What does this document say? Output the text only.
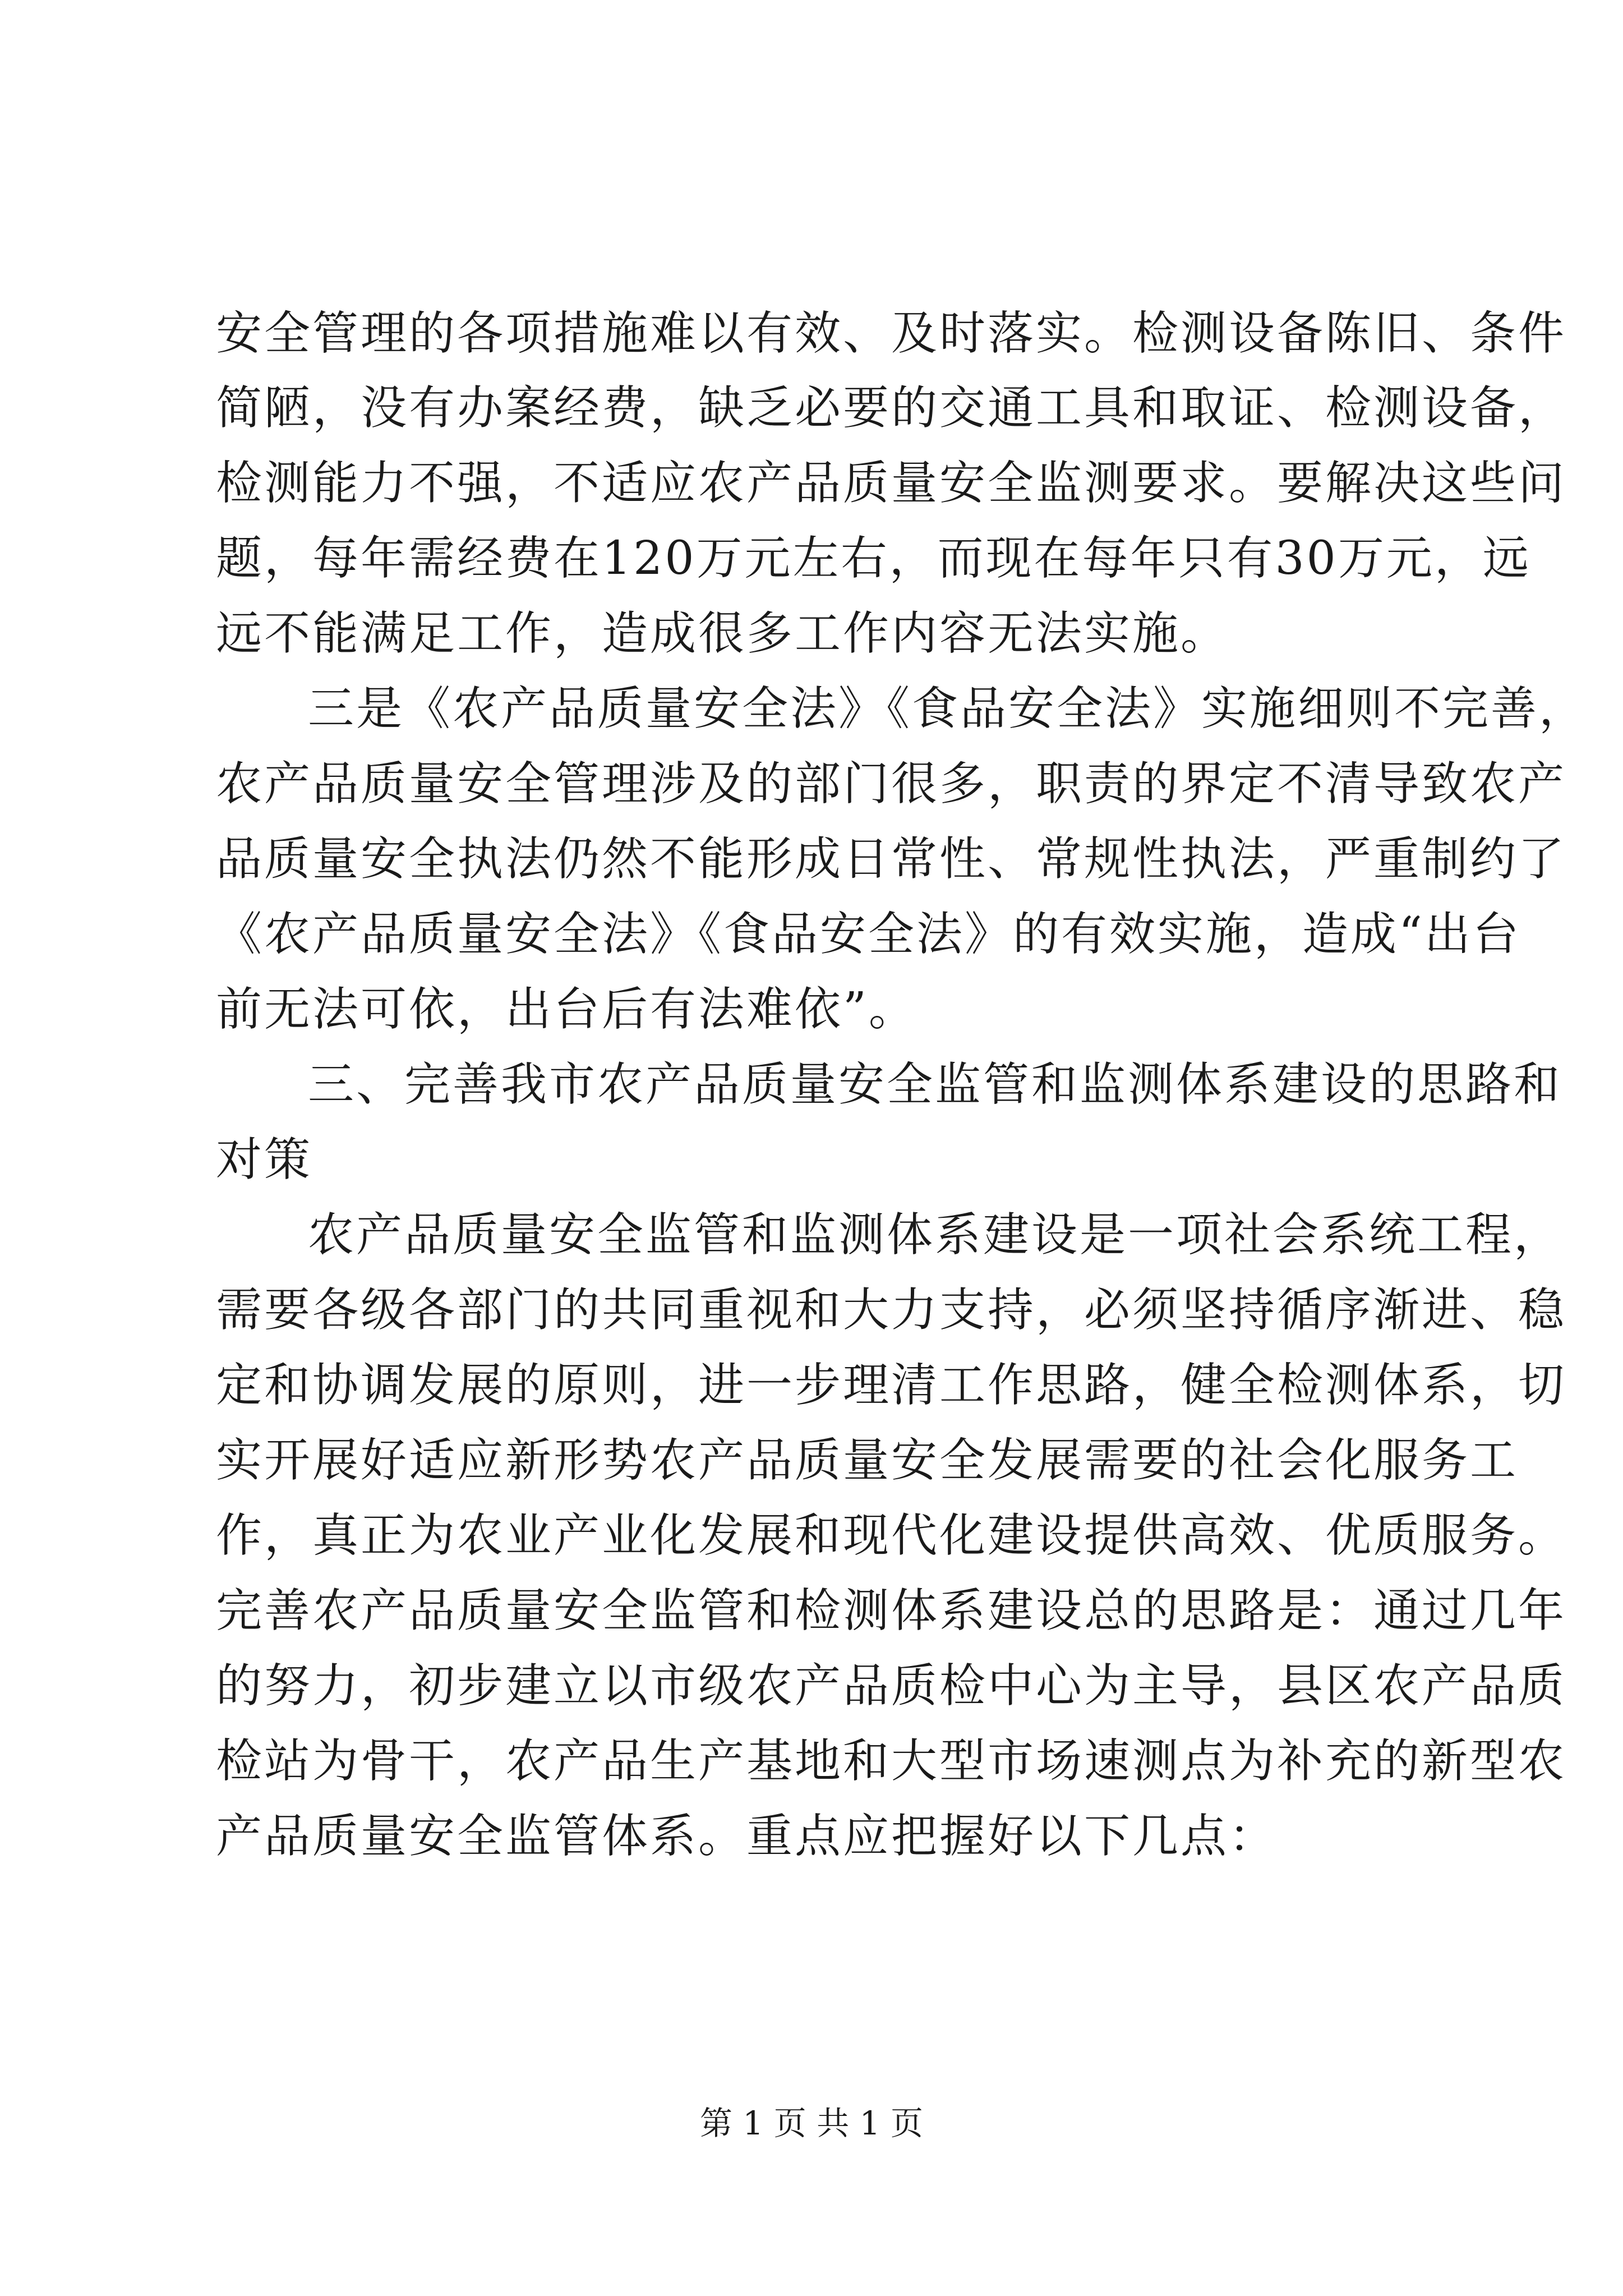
安全管理的各项措施难以有效、及时落实。检测设备陈旧、条件
简陋，没有办案经费，缺乏必要的交通工具和取证、检测设备，
检测能力不强，不适应农产品质量安全监测要求。要解决这些问
题，每年需经费在120万元左右，而现在每年只有30万元，远
远不能满足工作，造成很多工作内容无法实施。
三是《农产品质量安全法》《食品安全法》实施细则不完善，
农产品质量安全管理涉及的部门很多，职责的界定不清导致农产
品质量安全执法仍然不能形成日常性、常规性执法，严重制约了
《农产品质量安全法》《食品安全法》的有效实施，造成“出台
前无法可依，出台后有法难依”。
三、完善我市农产品质量安全监管和监测体系建设的思路和
对策
农产品质量安全监管和监测体系建设是一项社会系统工程，
需要各级各部门的共同重视和大力支持，必须坚持循序渐进、稳
定和协调发展的原则，进一步理清工作思路，健全检测体系，切
实开展好适应新形势农产品质量安全发展需要的社会化服务工
作，真正为农业产业化发展和现代化建设提供高效、优质服务。
完善农产品质量安全监管和检测体系建设总的思路是：通过几年
的努力，初步建立以市级农产品质检中心为主导，县区农产品质
检站为骨干，农产品生产基地和大型市场速测点为补充的新型农
产品质量安全监管体系。重点应把握好以下几点：
第 1 页 共 1 页
